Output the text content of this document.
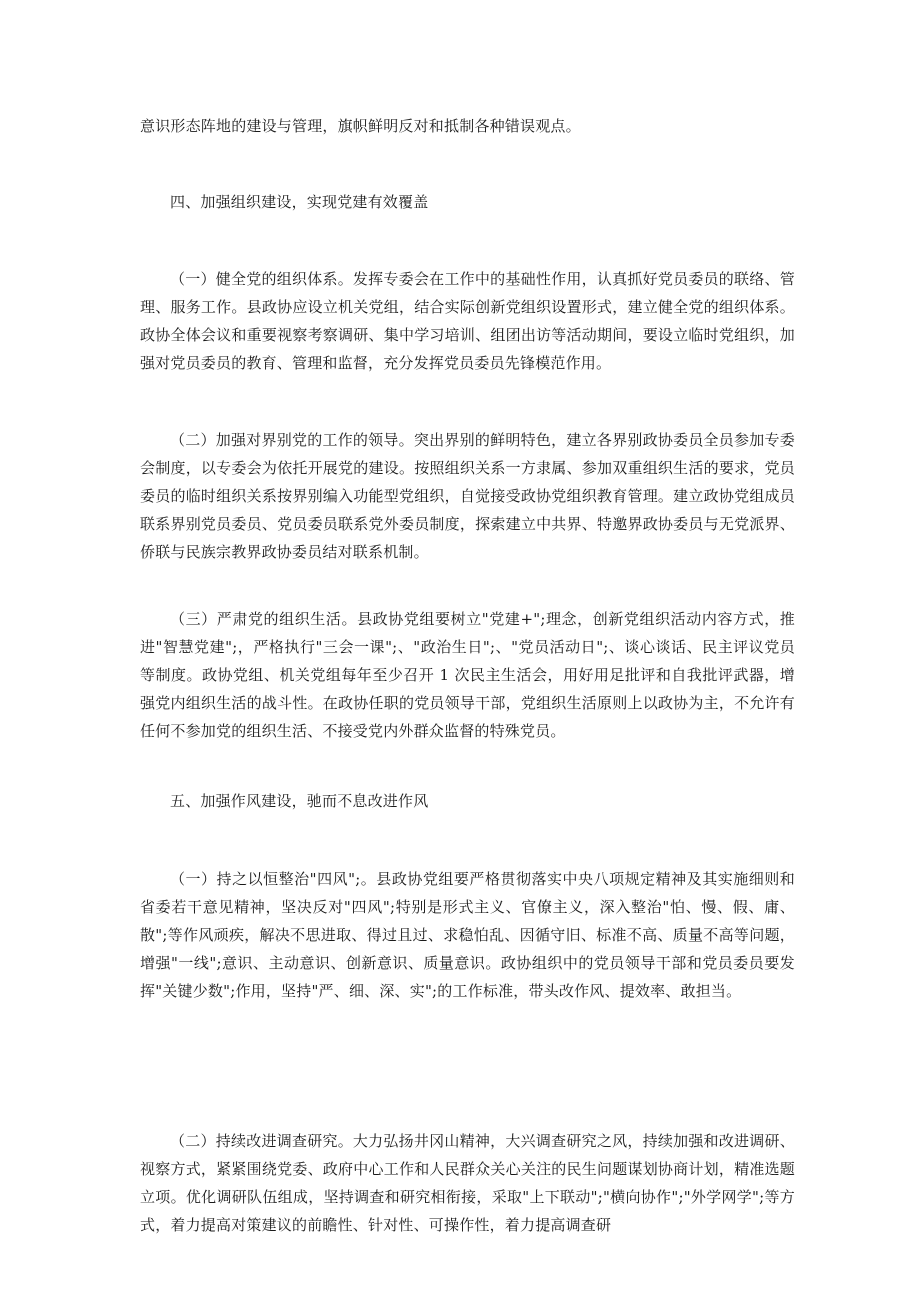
意识形态阵地的建设与管理，旗帜鲜明反对和抵制各种错误观点。

四、加强组织建设，实现党建有效覆盖

（一）健全党的组织体系。发挥专委会在工作中的基础性作用，认真抓好党员委员的联络、管理、服务工作。县政协应设立机关党组，结合实际创新党组织设置形式，建立健全党的组织体系。政协全体会议和重要视察考察调研、集中学习培训、组团出访等活动期间，要设立临时党组织，加强对党员委员的教育、管理和监督，充分发挥党员委员先锋模范作用。

（二）加强对界别党的工作的领导。突出界别的鲜明特色，建立各界别政协委员全员参加专委会制度，以专委会为依托开展党的建设。按照组织关系一方隶属、参加双重组织生活的要求，党员委员的临时组织关系按界别编入功能型党组织，自觉接受政协党组织教育管理。建立政协党组成员联系界别党员委员、党员委员联系党外委员制度，探索建立中共界、特邀界政协委员与无党派界、侨联与民族宗教界政协委员结对联系机制。

（三）严肃党的组织生活。县政协党组要树立"党建+";理念，创新党组织活动内容方式，推进"智慧党建";，严格执行"三会一课";、"政治生日";、"党员活动日";、谈心谈话、民主评议党员等制度。政协党组、机关党组每年至少召开 1 次民主生活会，用好用足批评和自我批评武器，增强党内组织生活的战斗性。在政协任职的党员领导干部，党组织生活原则上以政协为主，不允许有任何不参加党的组织生活、不接受党内外群众监督的特殊党员。

五、加强作风建设，驰而不息改进作风

（一）持之以恒整治"四风";。县政协党组要严格贯彻落实中央八项规定精神及其实施细则和省委若干意见精神，坚决反对"四风";特别是形式主义、官僚主义，深入整治"怕、慢、假、庸、散";等作风顽疾，解决不思进取、得过且过、求稳怕乱、因循守旧、标准不高、质量不高等问题，增强"一线";意识、主动意识、创新意识、质量意识。政协组织中的党员领导干部和党员委员要发挥"关键少数";作用，坚持"严、细、深、实";的工作标准，带头改作风、提效率、敢担当。

（二）持续改进调查研究。大力弘扬井冈山精神，大兴调查研究之风，持续加强和改进调研、视察方式，紧紧围绕党委、政府中心工作和人民群众关心关注的民生问题谋划协商计划，精准选题立项。优化调研队伍组成，坚持调查和研究相衔接，采取"上下联动";"横向协作";"外学网学";等方式，着力提高对策建议的前瞻性、针对性、可操作性，着力提高调查研
